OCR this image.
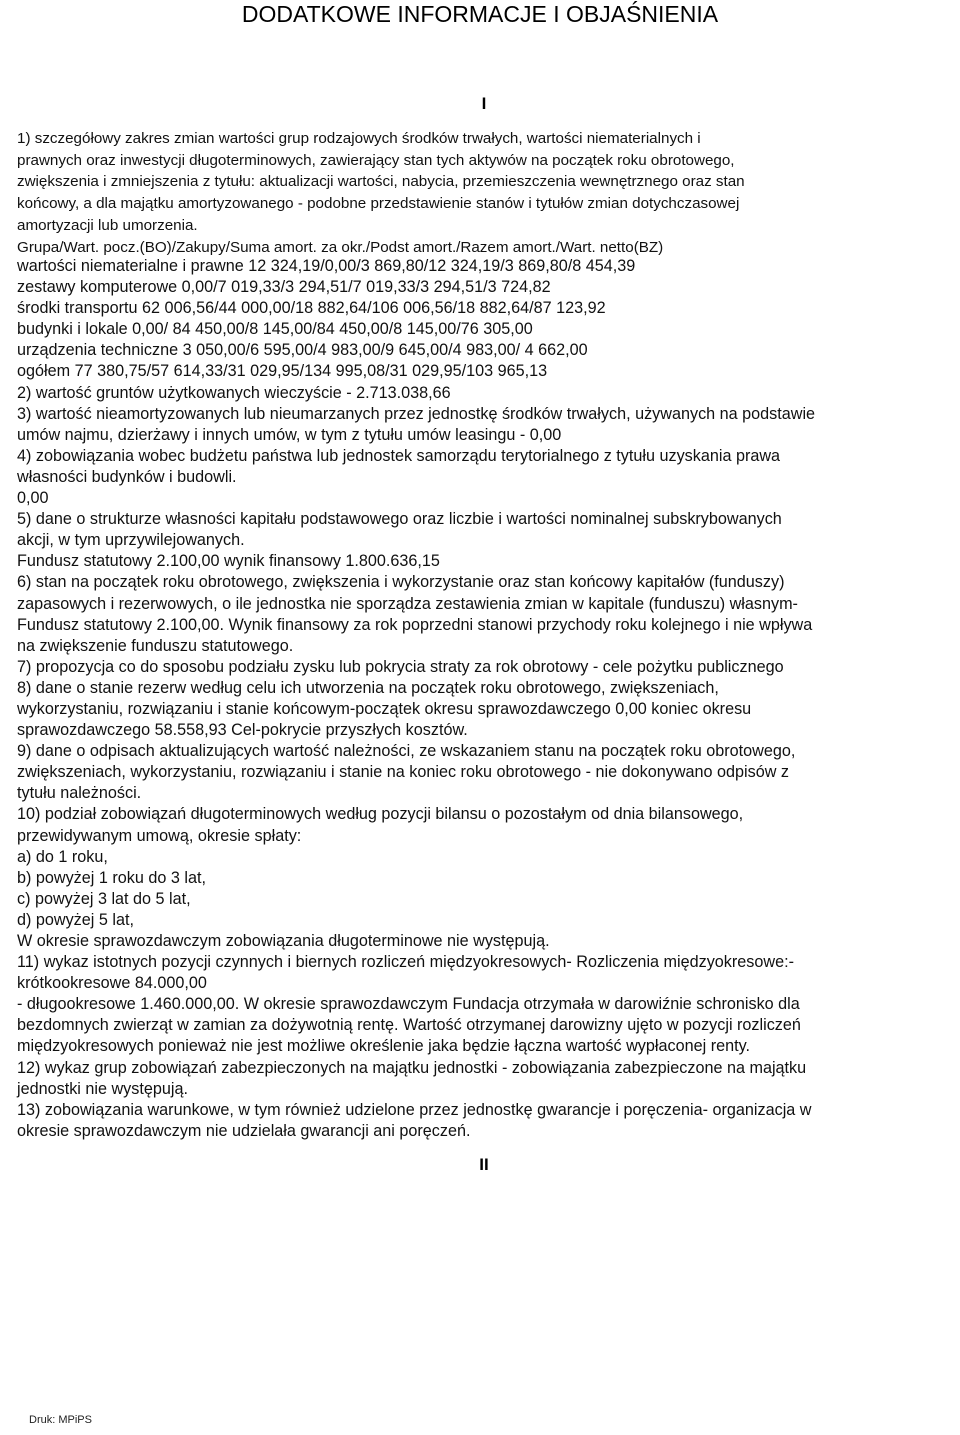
DODATKOWE INFORMACJE I OBJAŚNIENIA
I

1) szczegółowy zakres zmian wartości grup rodzajowych środków trwałych, wartości niematerialnych i

prawnych oraz inwestycji długoterminowych, zawierający stan tych aktywów na początek roku obrotowego,

zwiększenia i zmniejszenia z tytułu: aktualizacji wartości, nabycia, przemieszczenia wewnętrznego oraz stan

końcowy, a dla majątku amortyzowanego - podobne przedstawienie stanów i tytułów zmian dotychczasowej

amortyzacji lub umorzenia.

Grupa/Wart. pocz.(BO)/Zakupy/Suma amort. za okr./Podst amort./Razem amort./Wart. netto(BZ)

wartości niematerialne i prawne 12 324,19/0,00/3 869,80/12 324,19/3 869,80/8 454,39

zestawy komputerowe 0,00/7 019,33/3 294,51/7 019,33/3 294,51/3 724,82

środki transportu 62 006,56/44 000,00/18 882,64/106 006,56/18 882,64/87 123,92

budynki i lokale 0,00/ 84 450,00/8 145,00/84 450,00/8 145,00/76 305,00

urządzenia techniczne 3 050,00/6 595,00/4 983,00/9 645,00/4 983,00/ 4 662,00

ogółem 77 380,75/57 614,33/31 029,95/134 995,08/31 029,95/103 965,13

2) wartość gruntów użytkowanych wieczyście - 2.713.038,66

3) wartość nieamortyzowanych lub nieumarzanych przez jednostkę środków trwałych, używanych na podstawie

umów najmu, dzierżawy i innych umów, w tym z tytułu umów leasingu - 0,00

4) zobowiązania wobec budżetu państwa lub jednostek samorządu terytorialnego z tytułu uzyskania prawa

własności budynków i budowli.

0,00

5) dane o strukturze własności kapitału podstawowego oraz liczbie i wartości nominalnej subskrybowanych

akcji, w tym uprzywilejowanych.

Fundusz statutowy 2.100,00 wynik finansowy 1.800.636,15

6) stan na początek roku obrotowego, zwiększenia i wykorzystanie oraz stan końcowy kapitałów (funduszy)

zapasowych i rezerwowych, o ile jednostka nie sporządza zestawienia zmian w kapitale (funduszu) własnym-

Fundusz statutowy 2.100,00. Wynik finansowy za rok poprzedni stanowi przychody roku kolejnego i nie wpływa

na zwiększenie funduszu statutowego.

7) propozycja co do sposobu podziału zysku lub pokrycia straty za rok obrotowy - cele pożytku publicznego

8) dane o stanie rezerw według celu ich utworzenia na początek roku obrotowego, zwiększeniach,

wykorzystaniu, rozwiązaniu i stanie końcowym-początek okresu sprawozdawczego 0,00 koniec okresu

sprawozdawczego 58.558,93 Cel-pokrycie przyszłych kosztów.

9) dane o odpisach aktualizujących wartość należności, ze wskazaniem stanu na początek roku obrotowego,

zwiększeniach, wykorzystaniu, rozwiązaniu i stanie na koniec roku obrotowego - nie dokonywano odpisów z

tytułu należności.

10) podział zobowiązań długoterminowych według pozycji bilansu o pozostałym od dnia bilansowego,

przewidywanym umową, okresie spłaty:

a) do 1 roku,

b) powyżej 1 roku do 3 lat,

c) powyżej 3 lat do 5 lat,

d) powyżej 5 lat,

W okresie sprawozdawczym zobowiązania długoterminowe nie występują.

11) wykaz istotnych pozycji czynnych i biernych rozliczeń międzyokresowych- Rozliczenia międzyokresowe:-

krótkookresowe 84.000,00

- długookresowe 1.460.000,00. W okresie sprawozdawczym Fundacja otrzymała w darowiźnie schronisko dla

bezdomnych zwierząt w zamian za dożywotnią rentę. Wartość otrzymanej darowizny ujęto w pozycji rozliczeń

międzyokresowych ponieważ nie jest możliwe określenie jaka będzie łączna wartość wypłaconej renty.

12) wykaz grup zobowiązań zabezpieczonych na majątku jednostki - zobowiązania zabezpieczone na majątku

jednostki nie występują.

13) zobowiązania warunkowe, w tym również udzielone przez jednostkę gwarancje i poręczenia- organizacja w

okresie sprawozdawczym nie udzielała gwarancji ani poręczeń.

II
Druk: MPiPS
